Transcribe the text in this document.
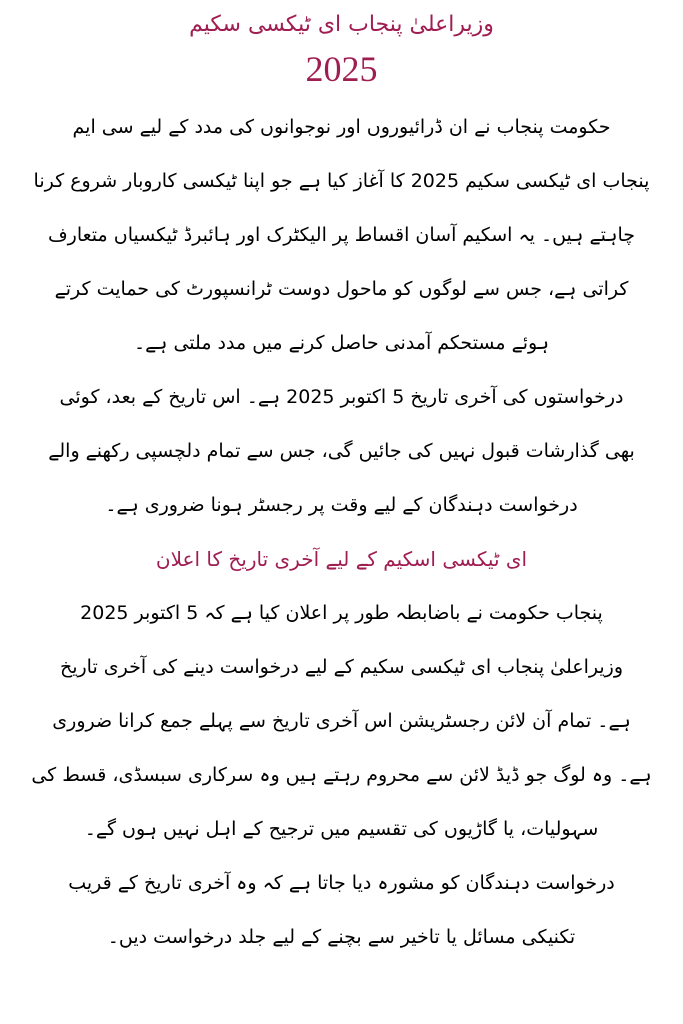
وزیراعلیٰ پنجاب ای ٹیکسی سکیم
2025
حکومت پنجاب نے ان ڈرائیوروں اور نوجوانوں کی مدد کے لیے سی ایم
پنجاب ای ٹیکسی سکیم 2025 کا آغاز کیا ہے جو اپنا ٹیکسی کاروبار شروع کرنا
چاہتے ہیں۔ یہ اسکیم آسان اقساط پر الیکٹرک اور ہائبرڈ ٹیکسیاں متعارف
کراتی ہے، جس سے لوگوں کو ماحول دوست ٹرانسپورٹ کی حمایت کرتے
ہوئے مستحکم آمدنی حاصل کرنے میں مدد ملتی ہے۔
درخواستوں کی آخری تاریخ 5 اکتوبر 2025 ہے۔ اس تاریخ کے بعد، کوئی
بھی گذارشات قبول نہیں کی جائیں گی، جس سے تمام دلچسپی رکھنے والے
درخواست دہندگان کے لیے وقت پر رجسٹر ہونا ضروری ہے۔
ای ٹیکسی اسکیم کے لیے آخری تاریخ کا اعلان
پنجاب حکومت نے باضابطہ طور پر اعلان کیا ہے کہ 5 اکتوبر 2025
وزیراعلیٰ پنجاب ای ٹیکسی سکیم کے لیے درخواست دینے کی آخری تاریخ
ہے۔ تمام آن لائن رجسٹریشن اس آخری تاریخ سے پہلے جمع کرانا ضروری
ہے۔ وہ لوگ جو ڈیڈ لائن سے محروم رہتے ہیں وہ سرکاری سبسڈی، قسط کی
سہولیات، یا گاڑیوں کی تقسیم میں ترجیح کے اہل نہیں ہوں گے۔
درخواست دہندگان کو مشورہ دیا جاتا ہے کہ وہ آخری تاریخ کے قریب
تکنیکی مسائل یا تاخیر سے بچنے کے لیے جلد درخواست دیں۔
